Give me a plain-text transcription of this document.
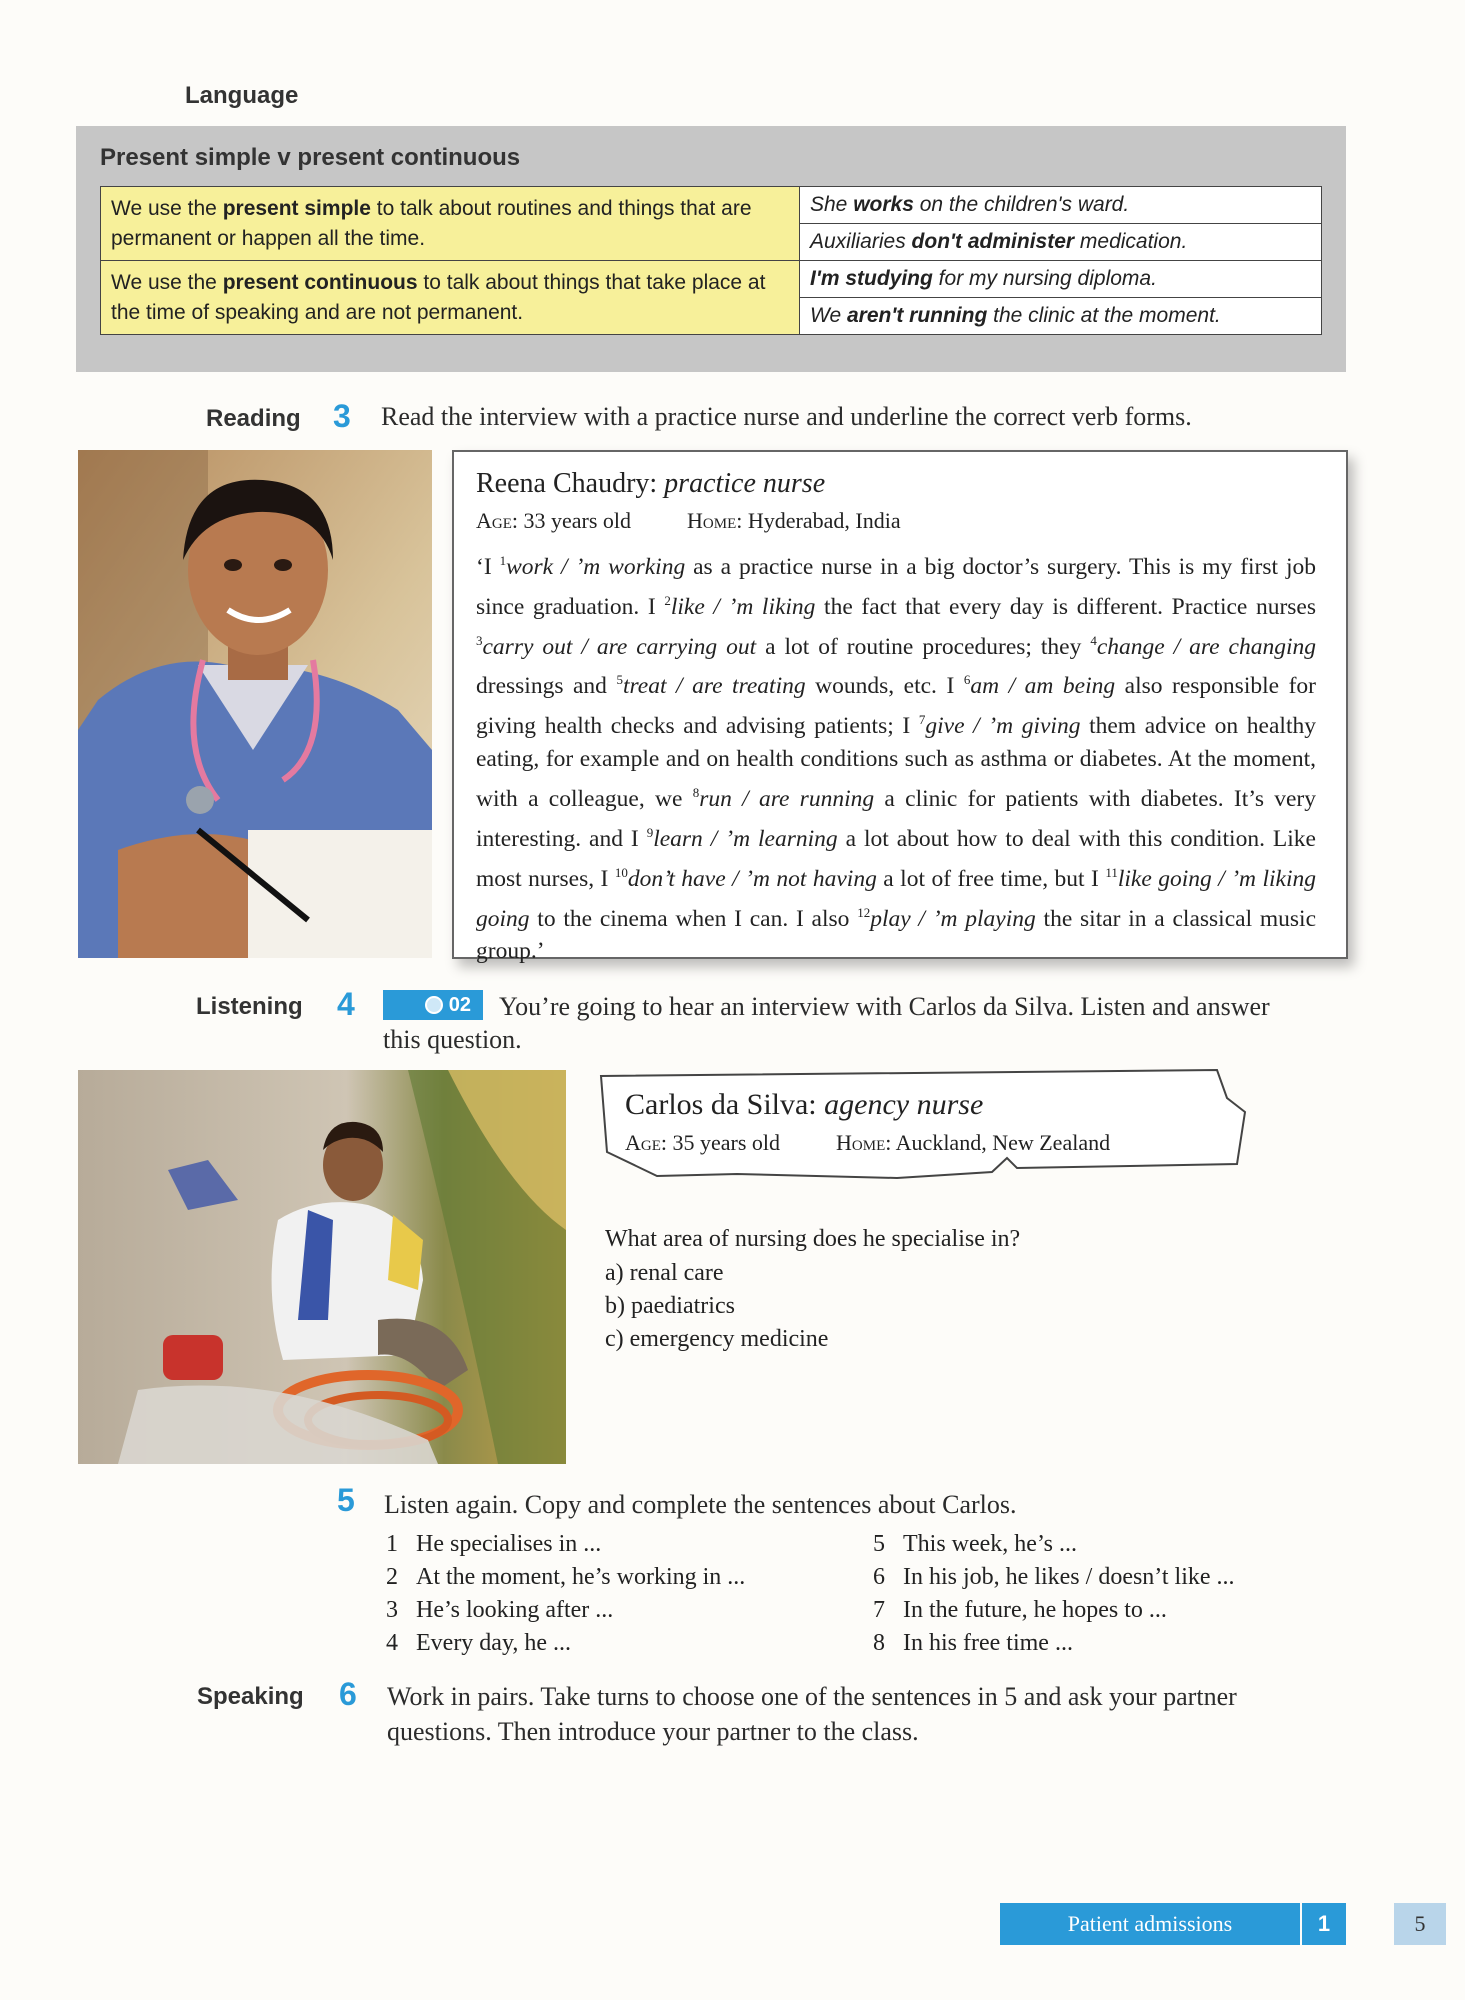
Language
Present simple v present continuous
We use the present simple to talk about routines and things that are permanent or happen all the time.	She works on the children's ward.
	Auxiliaries don't administer medication.
We use the present continuous to talk about things that take place at the time of speaking and are not permanent.	I'm studying for my nursing diploma.
	We aren't running the clinic at the moment.
Reading 3 Read the interview with a practice nurse and underline the correct verb forms.
Reena Chaudry: practice nurse
Age: 33 years old	Home: Hyderabad, India
‘I $^1$work / ’m working as a practice nurse in a big doctor’s surgery. This is my first job since graduation. I $^2$like / ’m liking the fact that every day is different. Practice nurses $^3$carry out / are carrying out a lot of routine procedures; they $^4$change / are changing dressings and $^5$treat / are treating wounds, etc. I $^6$am / am being also responsible for giving health checks and advising patients; I $^7$give / ’m giving them advice on healthy eating, for example and on health conditions such as asthma or diabetes. At the moment, with a colleague, we $^8$run / are running a clinic for patients with diabetes. It’s very interesting. and I $^9$learn / ’m learning a lot about how to deal with this condition. Like most nurses, I $^{10}$don’t have / ’m not having a lot of free time, but I $^{11}$like going / ’m liking going to the cinema when I can. I also $^{12}$play / ’m playing the sitar in a classical music group.’
Listening 4	02	You’re going to hear an interview with Carlos da Silva. Listen and answer this question.
Carlos da Silva: agency nurse
Age: 35 years old	Home: Auckland, New Zealand
What area of nursing does he specialise in?
a) renal care
b) paediatrics
c) emergency medicine
5 Listen again. Copy and complete the sentences about Carlos.
1 He specialises in ...
2 At the moment, he’s working in ...
3 He’s looking after ...
4 Every day, he ...
5 This week, he’s ...
6 In his job, he likes / doesn’t like ...
7 In the future, he hopes to ...
8 In his free time ...
Speaking 6 Work in pairs. Take turns to choose one of the sentences in 5 and ask your partner questions. Then introduce your partner to the class.
Patient admissions	1	5
